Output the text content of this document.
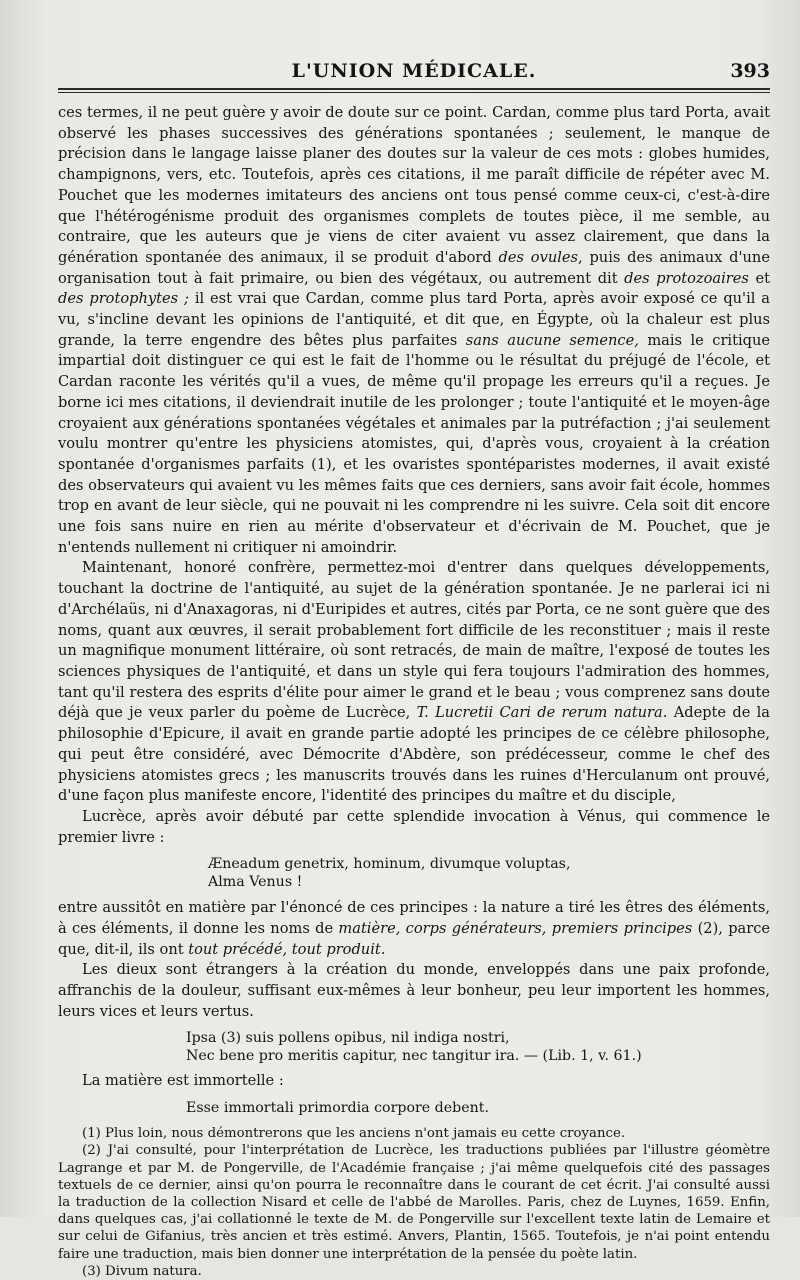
L'UNION MÉDICALE.	393

ces termes, il ne peut guère y avoir de doute sur ce point. Cardan, comme plus tard Porta, avait observé les phases successives des générations spontanées ; seulement, le manque de précision dans le langage laisse planer des doutes sur la valeur de ces mots : globes humides, champignons, vers, etc. Toutefois, après ces citations, il me paraît difficile de répéter avec M. Pouchet que les modernes imitateurs des anciens ont tous pensé comme ceux-ci, c'est-à-dire que l'hétérogénisme produit des organismes complets de toutes pièce, il me semble, au contraire, que les auteurs que je viens de citer avaient vu assez clairement, que dans la génération spontanée des animaux, il se produit d'abord des ovules, puis des animaux d'une organisation tout à fait primaire, ou bien des végétaux, ou autrement dit des protozoaires et des protophytes ; il est vrai que Cardan, comme plus tard Porta, après avoir exposé ce qu'il a vu, s'incline devant les opinions de l'antiquité, et dit que, en Égypte, où la chaleur est plus grande, la terre engendre des bêtes plus parfaites sans aucune semence, mais le critique impartial doit distinguer ce qui est le fait de l'homme ou le résultat du préjugé de l'école, et Cardan raconte les vérités qu'il a vues, de même qu'il propage les erreurs qu'il a reçues. Je borne ici mes citations, il deviendrait inutile de les prolonger ; toute l'antiquité et le moyen-âge croyaient aux générations spontanées végétales et animales par la putréfaction ; j'ai seulement voulu montrer qu'entre les physiciens atomistes, qui, d'après vous, croyaient à la création spontanée d'organismes parfaits (1), et les ovaristes spontéparistes modernes, il avait existé des observateurs qui avaient vu les mêmes faits que ces derniers, sans avoir fait école, hommes trop en avant de leur siècle, qui ne pouvait ni les comprendre ni les suivre. Cela soit dit encore une fois sans nuire en rien au mérite d'observateur et d'écrivain de M. Pouchet, que je n'entends nullement ni critiquer ni amoindrir.

Maintenant, honoré confrère, permettez-moi d'entrer dans quelques développements, touchant la doctrine de l'antiquité, au sujet de la génération spontanée. Je ne parlerai ici ni d'Archélaüs, ni d'Anaxagoras, ni d'Euripides et autres, cités par Porta, ce ne sont guère que des noms, quant aux œuvres, il serait probablement fort difficile de les reconstituer ; mais il reste un magnifique monument littéraire, où sont retracés, de main de maître, l'exposé de toutes les sciences physiques de l'antiquité, et dans un style qui fera toujours l'admiration des hommes, tant qu'il restera des esprits d'élite pour aimer le grand et le beau ; vous comprenez sans doute déjà que je veux parler du poème de Lucrèce, T. Lucretii Cari de rerum natura. Adepte de la philosophie d'Epicure, il avait en grande partie adopté les principes de ce célèbre philosophe, qui peut être considéré, avec Démocrite d'Abdère, son prédécesseur, comme le chef des physiciens atomistes grecs ; les manuscrits trouvés dans les ruines d'Herculanum ont prouvé, d'une façon plus manifeste encore, l'identité des principes du maître et du disciple,

Lucrèce, après avoir débuté par cette splendide invocation à Vénus, qui commence le premier livre :

Æneadum genetrix, hominum, divumque voluptas,
Alma Venus !

entre aussitôt en matière par l'énoncé de ces principes : la nature a tiré les êtres des éléments, à ces éléments, il donne les noms de matière, corps générateurs, premiers principes (2), parce que, dit-il, ils ont tout précédé, tout produit.

Les dieux sont étrangers à la création du monde, enveloppés dans une paix profonde, affranchis de la douleur, suffisant eux-mêmes à leur bonheur, peu leur importent les hommes, leurs vices et leurs vertus.

Ipsa (3) suis pollens opibus, nil indiga nostri,
Nec bene pro meritis capitur, nec tangitur ira. — (Lib. 1, v. 61.)

La matière est immortelle :

Esse immortali primordia corpore debent.

(1) Plus loin, nous démontrerons que les anciens n'ont jamais eu cette croyance.

(2) J'ai consulté, pour l'interprétation de Lucrèce, les traductions publiées par l'illustre géomètre Lagrange et par M. de Pongerville, de l'Académie française ; j'ai même quelquefois cité des passages textuels de ce dernier, ainsi qu'on pourra le reconnaître dans le courant de cet écrit. J'ai consulté aussi la traduction de la collection Nisard et celle de l'abbé de Marolles. Paris, chez de Luynes, 1659. Enfin, dans quelques cas, j'ai collationné le texte de M. de Pongerville sur l'excellent texte latin de Lemaire et sur celui de Gifanius, très ancien et très estimé. Anvers, Plantin, 1565. Toutefois, je n'ai point entendu faire une traduction, mais bien donner une interprétation de la pensée du poète latin.

(3) Divum natura.
